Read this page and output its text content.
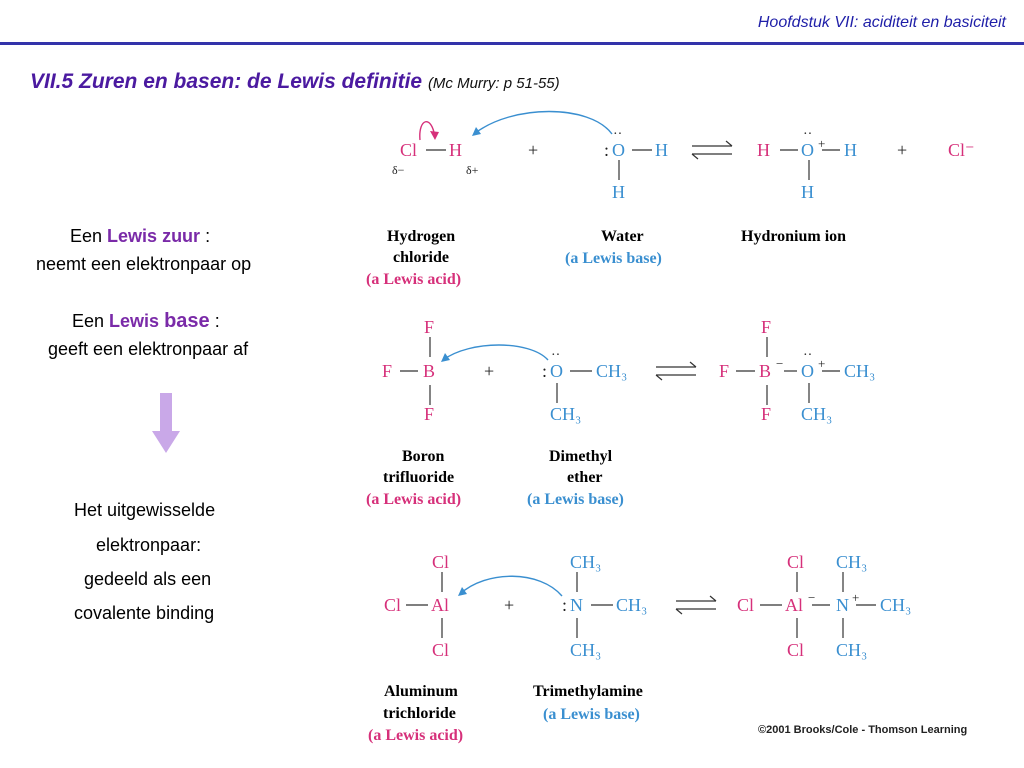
Hoofdstuk VII: aciditeit en basiciteit
VII.5 Zuren en basen: de Lewis definitie (Mc Murry: p 51-55)
Een Lewis zuur :
neemt een elektronpaar op
Een Lewis base :
geeft een elektronpaar af
Het uitgewisselde
elektronpaar:
gedeeld als een
covalente binding
Cl H
δ−	δ+
+	:
··
O H
H
H
··
O + H
H
+ Cl⁻
Hydrogen
chloride
(a Lewis acid)
Water
(a Lewis base)
Hydronium ion
F
F B
F
+	:
··
O CH₃
CH₃
F
F B −
··
O + CH₃
F CH₃
Boron
trifluoride
(a Lewis acid)
Dimethyl
ether
(a Lewis base)
Cl
Cl Al
Cl
+
CH₃
: N CH₃
CH₃
Cl
Cl Al − N + CH₃
Cl
CH₃
CH₃
Aluminum
trichloride
(a Lewis acid)
Trimethylamine
(a Lewis base)
©2001 Brooks/Cole - Thomson Learning
